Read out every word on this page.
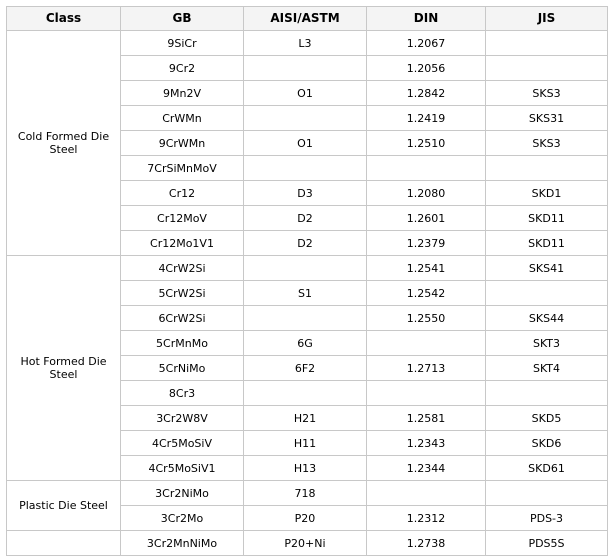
Class	GB	AISI/ASTM	DIN	JIS
Cold Formed Die Steel	9SiCr	L3	1.2067	
	9Cr2		1.2056	
	9Mn2V	O1	1.2842	SKS3
	CrWMn		1.2419	SKS31
	9CrWMn	O1	1.2510	SKS3
	7CrSiMnMoV			
	Cr12	D3	1.2080	SKD1
	Cr12MoV	D2	1.2601	SKD11
	Cr12Mo1V1	D2	1.2379	SKD11
Hot Formed Die Steel	4CrW2Si		1.2541	SKS41
	5CrW2Si	S1	1.2542	
	6CrW2Si		1.2550	SKS44
	5CrMnMo	6G		SKT3
	5CrNiMo	6F2	1.2713	SKT4
	8Cr3			
	3Cr2W8V	H21	1.2581	SKD5
	4Cr5MoSiV	H11	1.2343	SKD6
	4Cr5MoSiV1	H13	1.2344	SKD61
Plastic Die Steel	3Cr2NiMo	718		
	3Cr2Mo	P20	1.2312	PDS-3
	3Cr2MnNiMo	P20+Ni	1.2738	PDS5S
